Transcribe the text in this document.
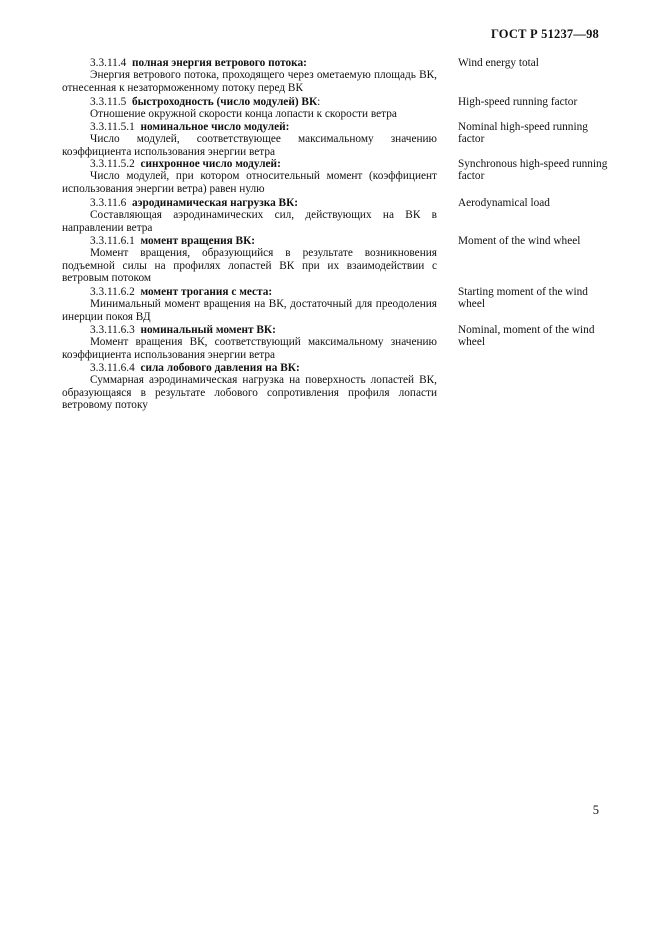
ГОСТ Р 51237—98
3.3.11.4 полная энергия ветрового потока:
Энергия ветрового потока, проходящего через ометаемую площадь ВК, отнесенная к незаторможенному потоку перед ВК
Wind energy total
3.3.11.5 быстроходность (число модулей) ВК:
Отношение окружной скорости конца лопасти к скорости ветра
High-speed running factor
3.3.11.5.1 номинальное число модулей:
Число модулей, соответствующее максимальному значению коэффициента использования энергии ветра
Nominal high-speed running factor
3.3.11.5.2 синхронное число модулей:
Число модулей, при котором относительный момент (коэффициент использования энергии ветра) равен нулю
Synchronous high-speed running factor
3.3.11.6 аэродинамическая нагрузка ВК:
Составляющая аэродинамических сил, действующих на ВК в направлении ветра
Aerodynamical load
3.3.11.6.1 момент вращения ВК:
Момент вращения, образующийся в результате возникновения подъемной силы на профилях лопастей ВК при их взаимодействии с ветровым потоком
Moment of the wind wheel
3.3.11.6.2 момент трогания с места:
Минимальный момент вращения на ВК, достаточный для преодоления инерции покоя ВД
Starting moment of the wind wheel
3.3.11.6.3 номинальный момент ВК:
Момент вращения ВК, соответствующий максимальному значению коэффициента использования энергии ветра
Nominal, moment of the wind wheel
3.3.11.6.4 сила лобового давления на ВК:
Суммарная аэродинамическая нагрузка на поверхность лопастей ВК, образующаяся в результате лобового сопротивления профиля лопасти ветровому потоку
5
